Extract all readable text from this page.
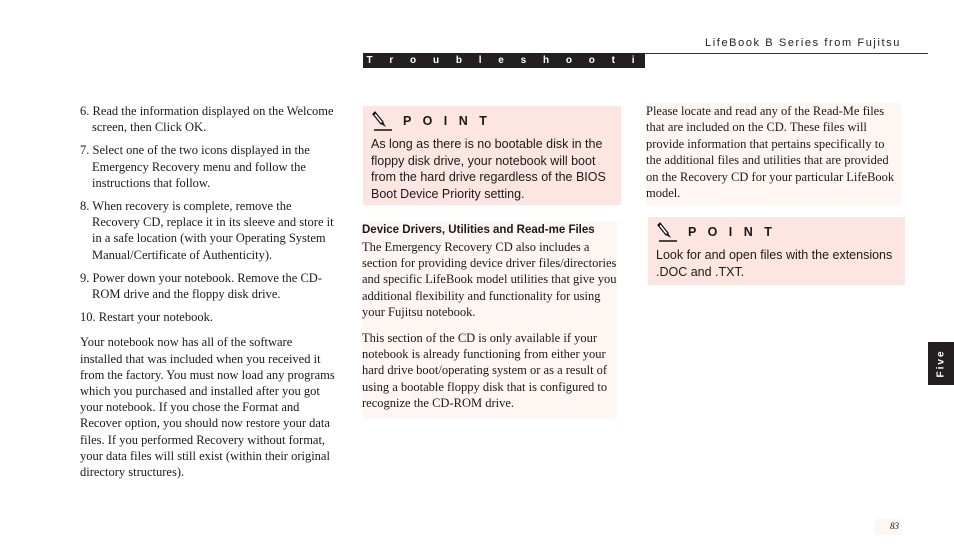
LifeBook B Series from Fujitsu
T r o u b l e s h o o t i n g
6. Read the information displayed on the Welcome screen, then Click OK.
7. Select one of the two icons displayed in the Emergency Recovery menu and follow the instructions that follow.
8. When recovery is complete, remove the Recovery CD, replace it in its sleeve and store it in a safe location (with your Operating System Manual/Certificate of Authenticity).
9. Power down your notebook. Remove the CD-ROM drive and the floppy disk drive.
10. Restart your notebook.

Your notebook now has all of the software installed that was included when you received it from the factory. You must now load any programs which you purchased and installed after you got your notebook. If you chose the Format and Recover option, you should now restore your data files. If you performed Recovery without format, your data files will still exist (within their original directory structures).

P O I N T
As long as there is no bootable disk in the floppy disk drive, your notebook will boot from the hard drive regardless of the BIOS Boot Device Priority setting.
Device Drivers, Utilities and Read-me Files

The Emergency Recovery CD also includes a section for providing device driver files/directories and specific LifeBook model utilities that give you additional flexibility and functionality for using your Fujitsu notebook.

This section of the CD is only available if your notebook is already functioning from either your hard drive boot/operating system or as a result of using a bootable floppy disk that is configured to recognize the CD-ROM drive.

Please locate and read any of the Read-Me files that are included on the CD. These files will provide information that pertains specifically to the additional files and utilities that are provided on the Recovery CD for your particular LifeBook model.

P O I N T
Look for and open files with the extensions .DOC and .TXT.
Five
83
